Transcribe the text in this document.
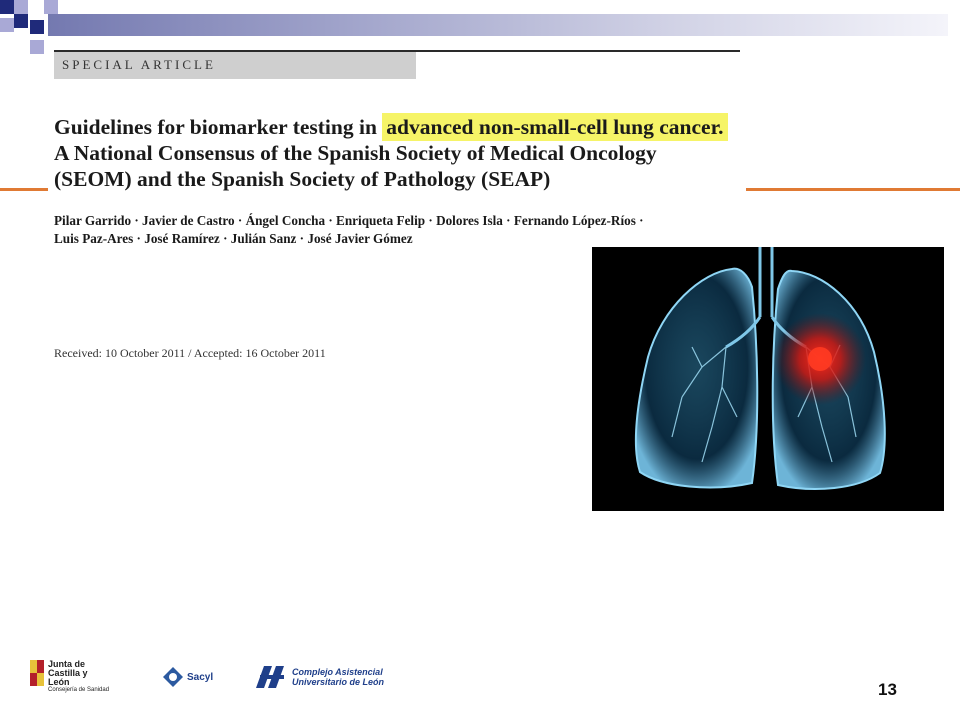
SPECIAL ARTICLE
Guidelines for biomarker testing in advanced non-small-cell lung cancer.
A National Consensus of the Spanish Society of Medical Oncology
(SEOM) and the Spanish Society of Pathology (SEAP)
Pilar Garrido · Javier de Castro · Ángel Concha · Enriqueta Felip · Dolores Isla · Fernando López-Ríos ·
Luis Paz-Ares · José Ramírez · Julián Sanz · José Javier Gómez
Received: 10 October 2011 / Accepted: 16 October 2011
Junta de
Castilla y León
Consejería de Sanidad
Sacyl	Complejo Asistencial
Universitario de León	13
